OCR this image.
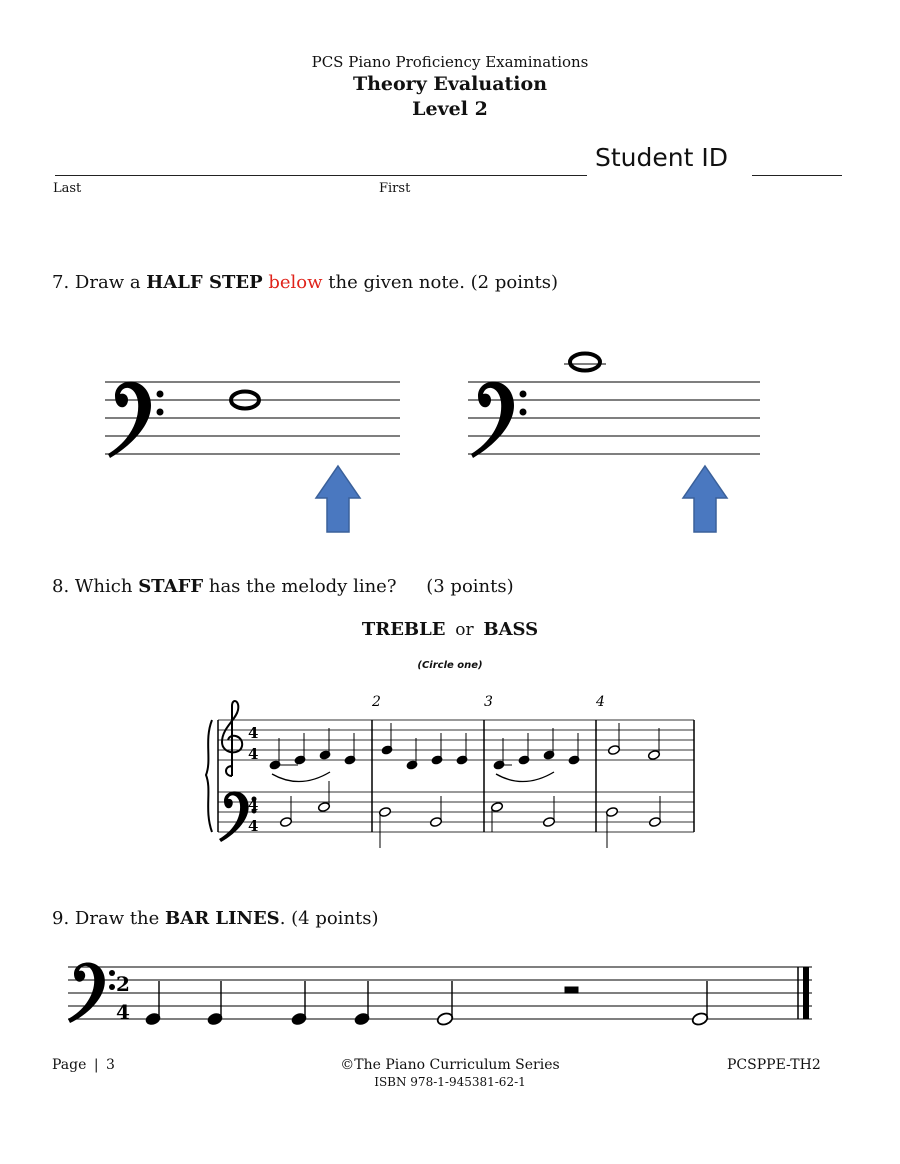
PCS Piano Proficiency Examinations
Theory Evaluation
Level 2
Student ID
Last	First
7. Draw a HALF STEP below the given note. (2 points)
8. Which STAFF has the melody line? (3 points)
TREBLE or BASS
(Circle one)
2	3	4
4
4
4
4
9. Draw the BAR LINES. (4 points)
2
4
Page | 3	©The Piano Curriculum Series
ISBN 978-1-945381-62-1
PCSPPE-TH2
